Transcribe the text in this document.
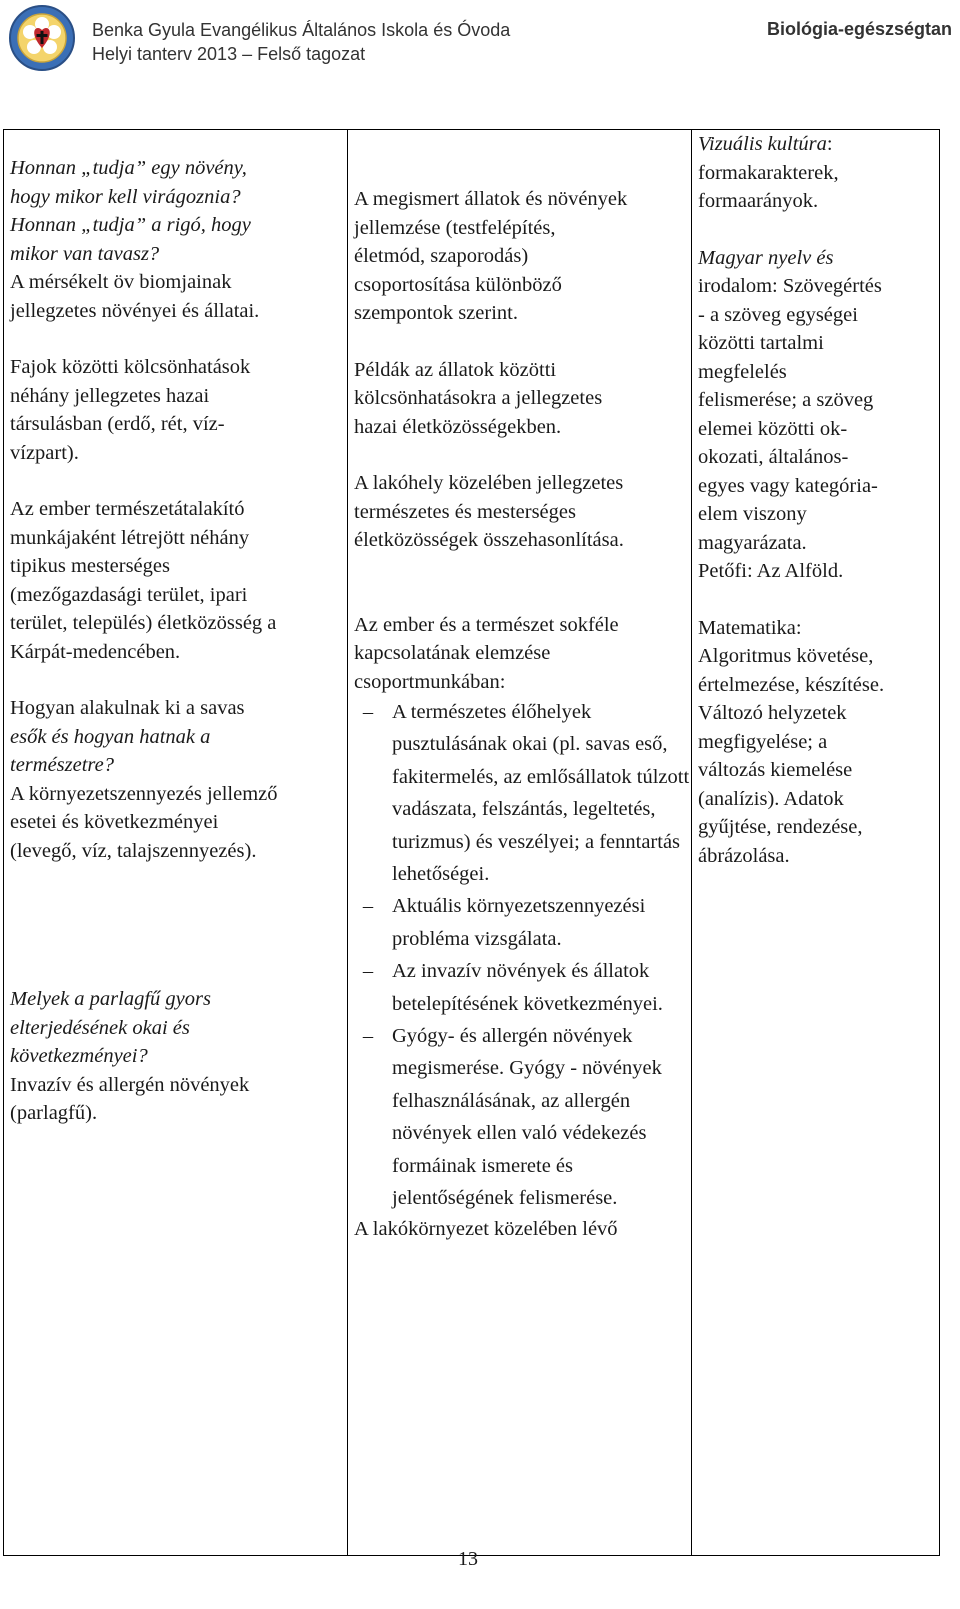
Benka Gyula Evangélikus Általános Iskola és Óvoda
Helyi tanterv 2013 – Felső tagozat
Biológia-egészségtan
Honnan „tudja” egy növény,
hogy mikor kell virágoznia?
Honnan „tudja” a rigó, hogy
mikor van tavasz?
A mérsékelt öv biomjainak
jellegzetes növényei és állatai.
Fajok közötti kölcsönhatások
néhány jellegzetes hazai
társulásban (erdő, rét, víz-
vízpart).
Az ember természetátalakító
munkájaként létrejött néhány
tipikus mesterséges
(mezőgazdasági terület, ipari
terület, település) életközösség a
Kárpát-medencében.
Hogyan alakulnak ki a savas
esők és hogyan hatnak a
természetre?
A környezetszennyezés jellemző
esetei és következményei
(levegő, víz, talajszennyezés).
Melyek a parlagfű gyors
elterjedésének okai és
következményei?
Invazív és allergén növények
(parlagfű).
A megismert állatok és növények
jellemzése (testfelépítés,
életmód, szaporodás)
csoportosítása különböző
szempontok szerint.
Példák az állatok közötti
kölcsönhatásokra a jellegzetes
hazai életközösségekben.
A lakóhely közelében jellegzetes
természetes és mesterséges
életközösségek összehasonlítása.
Az ember és a természet sokféle
kapcsolatának elemzése
csoportmunkában:
– A természetes élőhelyek pusztulásának okai (pl. savas eső, fakitermelés, az emlősállatok túlzott vadászata, felszántás, legeltetés, turizmus) és veszélyei; a fenntartás lehetőségei.
– Aktuális környezetszennyezési probléma vizsgálata.
– Az invazív növények és állatok betelepítésének következményei.
– Gyógy- és allergén növények megismerése. Gyógy - növények felhasználásának, az allergén növények ellen való védekezés formáinak ismerete és jelentőségének felismerése.
A lakókörnyezet közelében lévő
Vizuális kultúra:
formakarakterek,
formaarányok.
Magyar nyelv és
irodalom: Szövegértés
- a szöveg egységei
közötti tartalmi
megfelelés
felismerése; a szöveg
elemei közötti ok-
okozati, általános-
egyes vagy kategória-
elem viszony
magyarázata.
Petőfi: Az Alföld.
Matematika:
Algoritmus követése,
értelmezése, készítése.
Változó helyzetek
megfigyelése; a
változás kiemelése
(analízis). Adatok
gyűjtése, rendezése,
ábrázolása.
13
